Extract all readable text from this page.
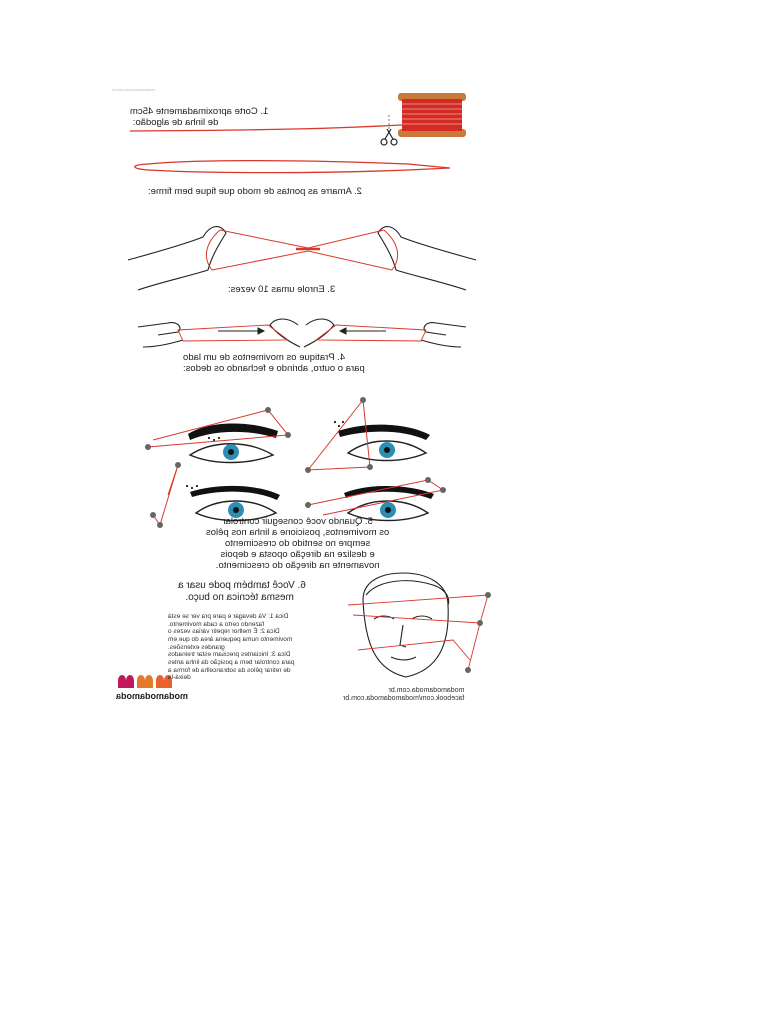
modamodamoda.com.br
1. Corte aproximadamente 45cm
de linha de algodão:
2. Amarre as pontas de modo que fique bem firme:
3. Enrole umas 10 vezes:
4. Pratique os movimentos de um lado
para o outro, abrindo e fechando os dedos:
5. Quando você conseguir controlar
os movimentos, posicione a linha nos pêlos
sempre no sentido do crescimento
e deslize na direção oposta e depois
novamente na direção do crescimento.
6. Você também pode usar a
mesma técnica no buço.
Dica 1: Vá devagar e pare pra ver se está
fazendo certo a cada movimento.
Dica 2: É melhor repetir várias vezes o
movimento numa pequena área do que em
grandes extensões.
Dica 3: Iniciantes precisam estar treinados
para controlar bem a posição da linha antes
de retirar pêlos da sobrancelha de forma a
deixá-la
modamodamoda.com.br
facebook.com/modamodamoda.com.br
modamodamoda
